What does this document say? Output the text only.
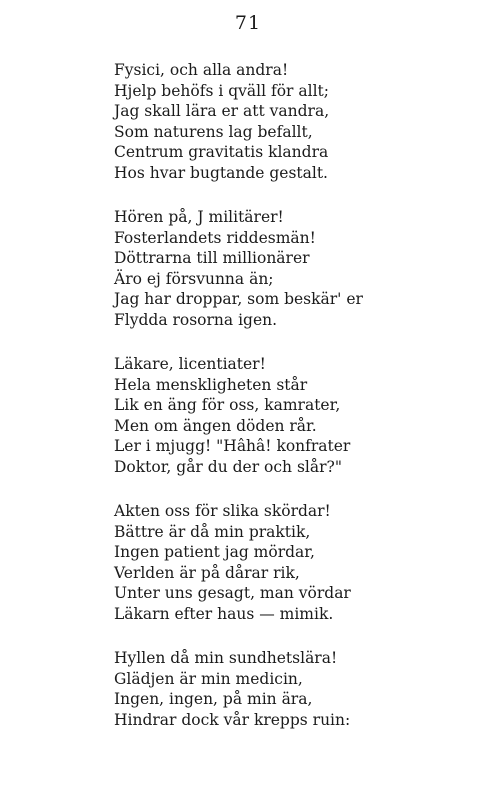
71
Fysici, och alla andra!
Hjelp behöfs i qväll för allt;
Jag skall lära er att vandra,
Som naturens lag befallt,
Centrum gravitatis klandra
Hos hvar bugtande gestalt.
Hören på, J militärer!
Fosterlandets riddesmän!
Döttrarna till millionärer
Äro ej försvunna än;
Jag har droppar, som beskär' er
Flydda rosorna igen.
Läkare, licentiater!
Hela menskligheten står
Lik en äng för oss, kamrater,
Men om ängen döden rår.
Ler i mjugg! "Hâhâ! konfrater
Doktor, går du der och slår?"
Akten oss för slika skördar!
Bättre är då min praktik,
Ingen patient jag mördar,
Verlden är på dårar rik,
Unter uns gesagt, man vördar
Läkarn efter haus — mimik.
Hyllen då min sundhetslära!
Glädjen är min medicin,
Ingen, ingen, på min ära,
Hindrar dock vår krepps ruin:
